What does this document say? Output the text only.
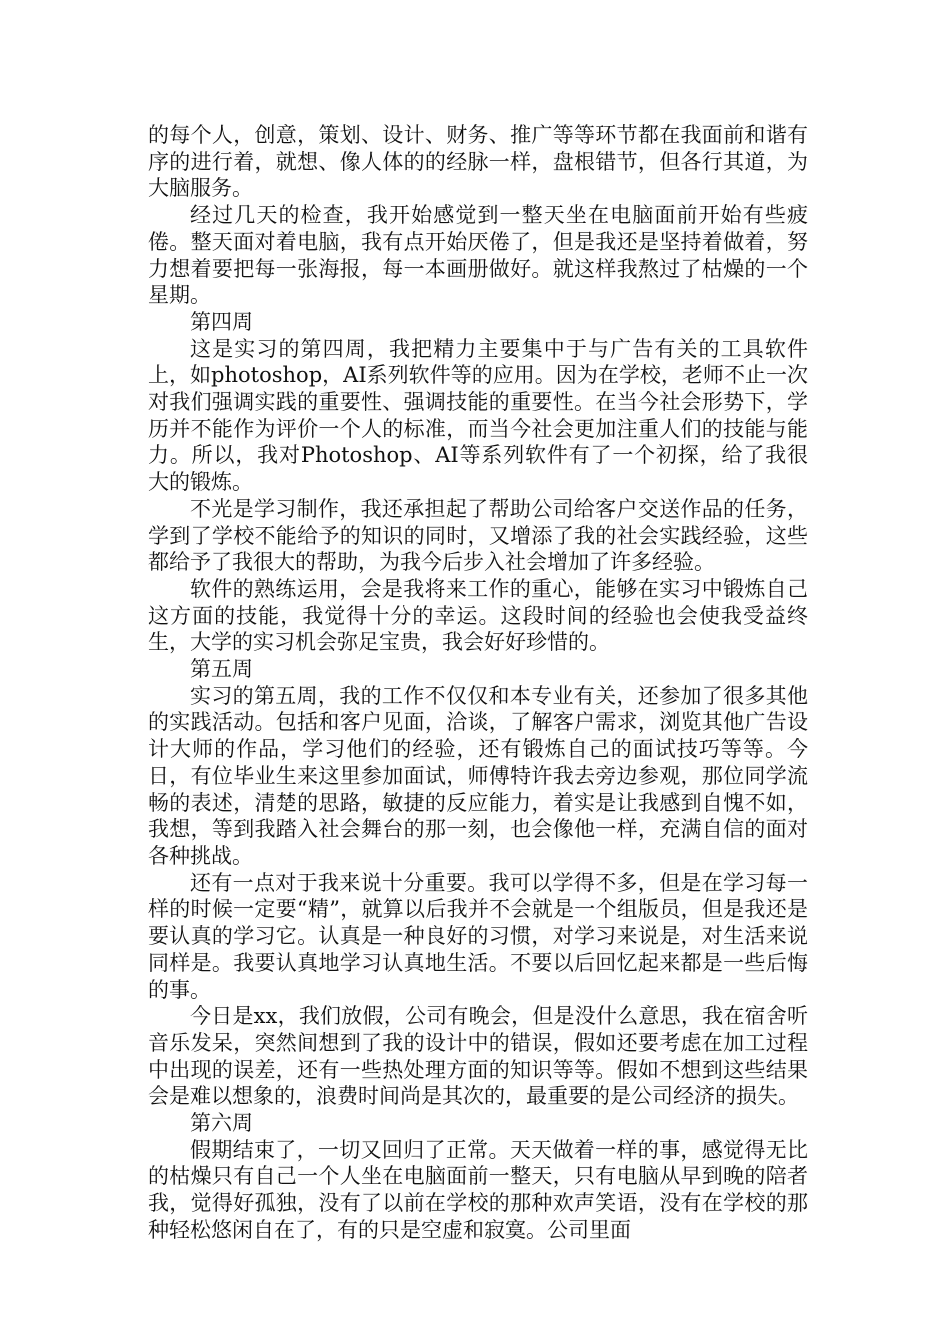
的每个人，创意，策划、设计、财务、推广等等环节都在我面前和谐有序的进行着，就想、像人体的的经脉一样，盘根错节，但各行其道，为大脑服务。

经过几天的检查，我开始感觉到一整天坐在电脑面前开始有些疲倦。整天面对着电脑，我有点开始厌倦了，但是我还是坚持着做着，努力想着要把每一张海报，每一本画册做好。就这样我熬过了枯燥的一个星期。

第四周

这是实习的第四周，我把精力主要集中于与广告有关的工具软件上，如photoshop，AI系列软件等的应用。因为在学校，老师不止一次对我们强调实践的重要性、强调技能的重要性。在当今社会形势下，学历并不能作为评价一个人的标准，而当今社会更加注重人们的技能与能力。所以，我对Photoshop、AI等系列软件有了一个初探，给了我很大的锻炼。

不光是学习制作，我还承担起了帮助公司给客户交送作品的任务，学到了学校不能给予的知识的同时，又增添了我的社会实践经验，这些都给予了我很大的帮助，为我今后步入社会增加了许多经验。

软件的熟练运用，会是我将来工作的重心，能够在实习中锻炼自己这方面的技能，我觉得十分的幸运。这段时间的经验也会使我受益终生，大学的实习机会弥足宝贵，我会好好珍惜的。

第五周

实习的第五周，我的工作不仅仅和本专业有关，还参加了很多其他的实践活动。包括和客户见面，洽谈，了解客户需求，浏览其他广告设计大师的作品，学习他们的经验，还有锻炼自己的面试技巧等等。今日，有位毕业生来这里参加面试，师傅特许我去旁边参观，那位同学流畅的表述，清楚的思路，敏捷的反应能力，着实是让我感到自愧不如，我想，等到我踏入社会舞台的那一刻，也会像他一样，充满自信的面对各种挑战。

还有一点对于我来说十分重要。我可以学得不多，但是在学习每一样的时候一定要“精”，就算以后我并不会就是一个组版员，但是我还是要认真的学习它。认真是一种良好的习惯，对学习来说是，对生活来说同样是。我要认真地学习认真地生活。不要以后回忆起来都是一些后悔的事。

今日是xx，我们放假，公司有晚会，但是没什么意思，我在宿舍听音乐发呆，突然间想到了我的设计中的错误，假如还要考虑在加工过程中出现的误差，还有一些热处理方面的知识等等。假如不想到这些结果会是难以想象的，浪费时间尚是其次的，最重要的是公司经济的损失。

第六周

假期结束了，一切又回归了正常。天天做着一样的事，感觉得无比的枯燥只有自己一个人坐在电脑面前一整天，只有电脑从早到晚的陪者我，觉得好孤独，没有了以前在学校的那种欢声笑语，没有在学校的那种轻松悠闲自在了，有的只是空虚和寂寞。公司里面
